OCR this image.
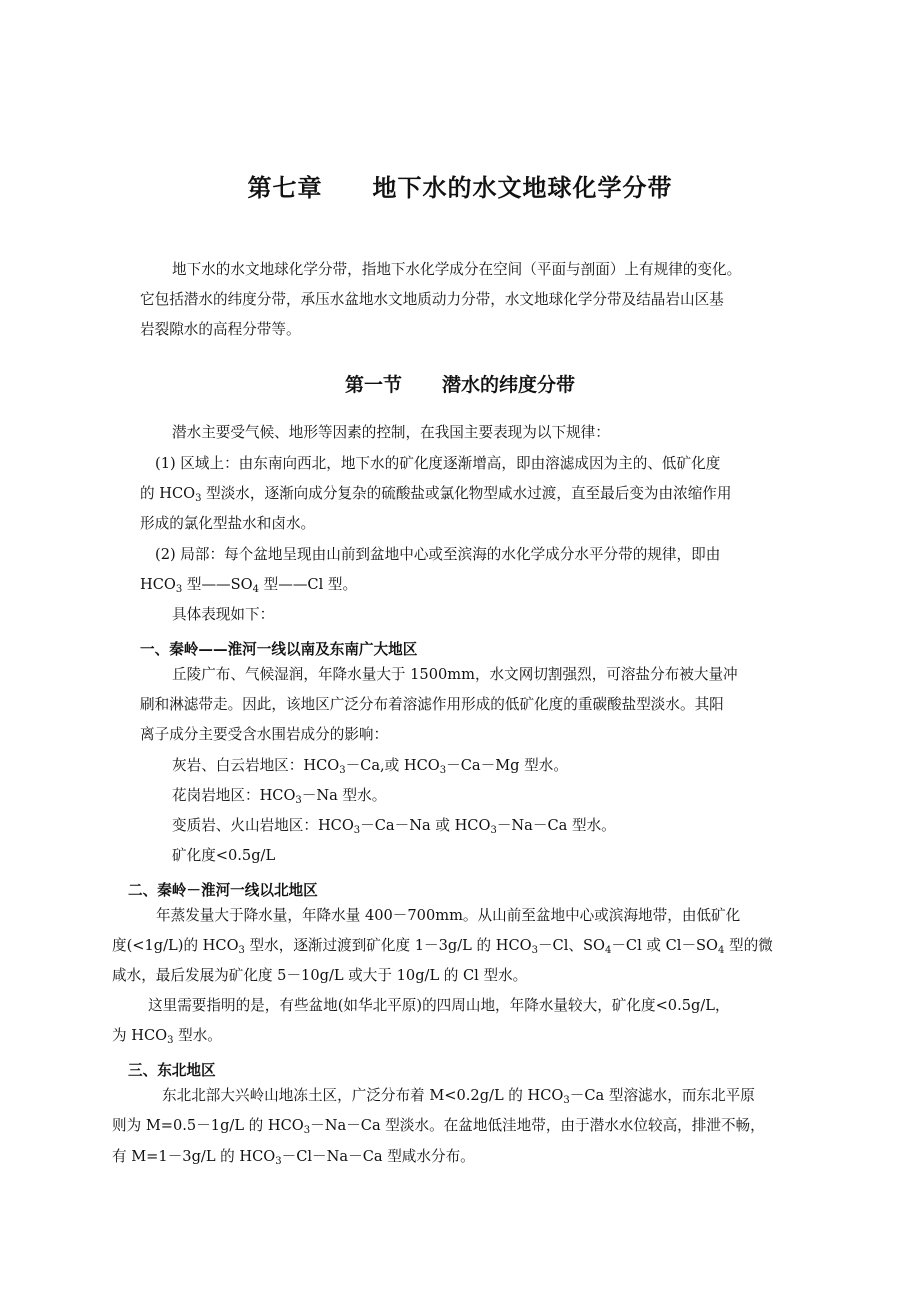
第七章 地下水的水文地球化学分带
地下水的水文地球化学分带，指地下水化学成分在空间（平面与剖面）上有规律的变化。
它包括潜水的纬度分带，承压水盆地水文地质动力分带，水文地球化学分带及结晶岩山区基
岩裂隙水的高程分带等。
第一节 潜水的纬度分带
潜水主要受气候、地形等因素的控制，在我国主要表现为以下规律：
(1) 区域上：由东南向西北，地下水的矿化度逐渐增高，即由溶滤成因为主的、低矿化度
的 $HCO_3$ 型淡水，逐渐向成分复杂的硫酸盐或氯化物型咸水过渡，直至最后变为由浓缩作用
形成的氯化型盐水和卤水。
(2) 局部：每个盆地呈现由山前到盆地中心或至滨海的水化学成分水平分带的规律，即由
$HCO_3$ 型$——SO_4$ 型——Cl 型。
具体表现如下：
一、秦岭——淮河一线以南及东南广大地区
丘陵广布、气候湿润，年降水量大于 1500mm，水文网切割强烈，可溶盐分布被大量冲
刷和淋滤带走。因此，该地区广泛分布着溶滤作用形成的低矿化度的重碳酸盐型淡水。其阳
离子成分主要受含水围岩成分的影响：
灰岩、白云岩地区：$HCO_3-Ca$,或 $HCO_3-Ca-Mg$ 型水。
花岗岩地区：$HCO_3-Na$ 型水。
变质岩、火山岩地区：$HCO_3-Ca-Na$ 或 $HCO_3-Na-Ca$ 型水。
矿化度<0.5g/L
二、秦岭－淮河一线以北地区
年蒸发量大于降水量，年降水量 400－700mm。从山前至盆地中心或滨海地带，由低矿化
度(<1g/L)的 $HCO_3$ 型水，逐渐过渡到矿化度 1－3g/L 的 $HCO_3-Cl$、$SO_4-Cl$ 或 $Cl-SO_4$ 型的微
咸水，最后发展为矿化度 5－10g/L 或大于 10g/L 的 Cl 型水。
这里需要指明的是，有些盆地(如华北平原)的四周山地，年降水量较大，矿化度<0.5g/L，
为 $HCO_3$ 型水。
三、东北地区
东北北部大兴岭山地冻土区，广泛分布着 M<0.2g/L 的 $HCO_3-Ca$ 型溶滤水，而东北平原
则为 M=0.5－1g/L 的 $HCO_3-Na-Ca$ 型淡水。在盆地低洼地带，由于潜水水位较高，排泄不畅，
有 M=1－3g/L 的 $HCO_3-Cl-Na-Ca$ 型咸水分布。
